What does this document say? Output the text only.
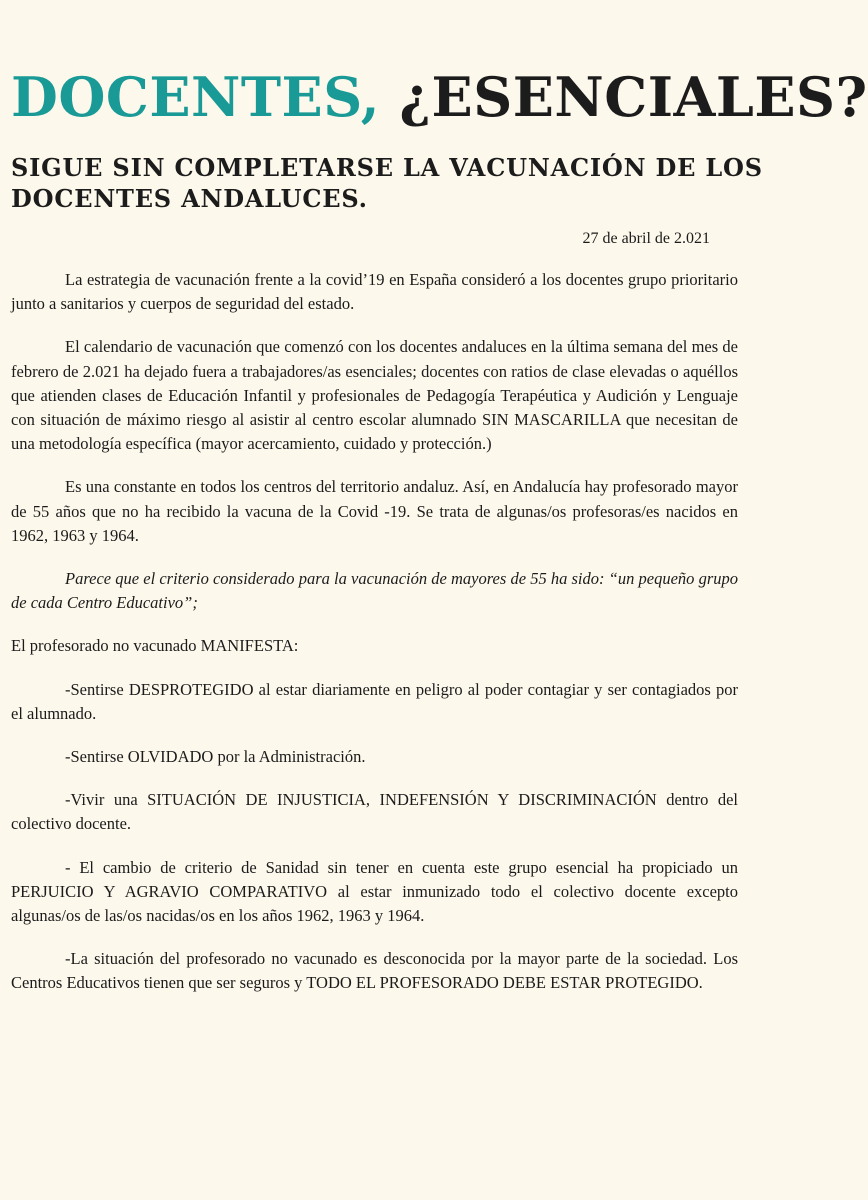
DOCENTES, ¿ESENCIALES?
SIGUE SIN COMPLETARSE LA VACUNACIÓN DE LOS DOCENTES ANDALUCES.
27 de abril de 2.021

La estrategia de vacunación frente a la covid’19 en España consideró a los docentes grupo prioritario junto a sanitarios y cuerpos de seguridad del estado.

El calendario de vacunación que comenzó con los docentes andaluces en la última semana del mes de febrero de 2.021 ha dejado fuera a trabajadores/as esenciales; docentes con ratios de clase elevadas o aquéllos que atienden clases de Educación Infantil y profesionales de Pedagogía Terapéutica y Audición y Lenguaje con situación de máximo riesgo al asistir al centro escolar alumnado SIN MASCARILLA que necesitan de una metodología específica (mayor acercamiento, cuidado y protección.)

Es una constante en todos los centros del territorio andaluz. Así, en Andalucía hay profesorado mayor de 55 años que no ha recibido la vacuna de la Covid -19. Se trata de algunas/os profesoras/es nacidos en 1962, 1963 y 1964.

Parece que el criterio considerado para la vacunación de mayores de 55 ha sido: “un pequeño grupo de cada Centro Educativo”;

El profesorado no vacunado MANIFESTA:

-Sentirse DESPROTEGIDO al estar diariamente en peligro al poder contagiar y ser contagiados por el alumnado.

-Sentirse OLVIDADO por la Administración.

-Vivir una SITUACIÓN DE INJUSTICIA, INDEFENSIÓN Y DISCRIMINACIÓN dentro del colectivo docente.

- El cambio de criterio de Sanidad sin tener en cuenta este grupo esencial ha propiciado un PERJUICIO Y AGRAVIO COMPARATIVO al estar inmunizado todo el colectivo docente excepto algunas/os de las/os nacidas/os en los años 1962, 1963 y 1964.

-La situación del profesorado no vacunado es desconocida por la mayor parte de la sociedad. Los Centros Educativos tienen que ser seguros y TODO EL PROFESORADO DEBE ESTAR PROTEGIDO.
